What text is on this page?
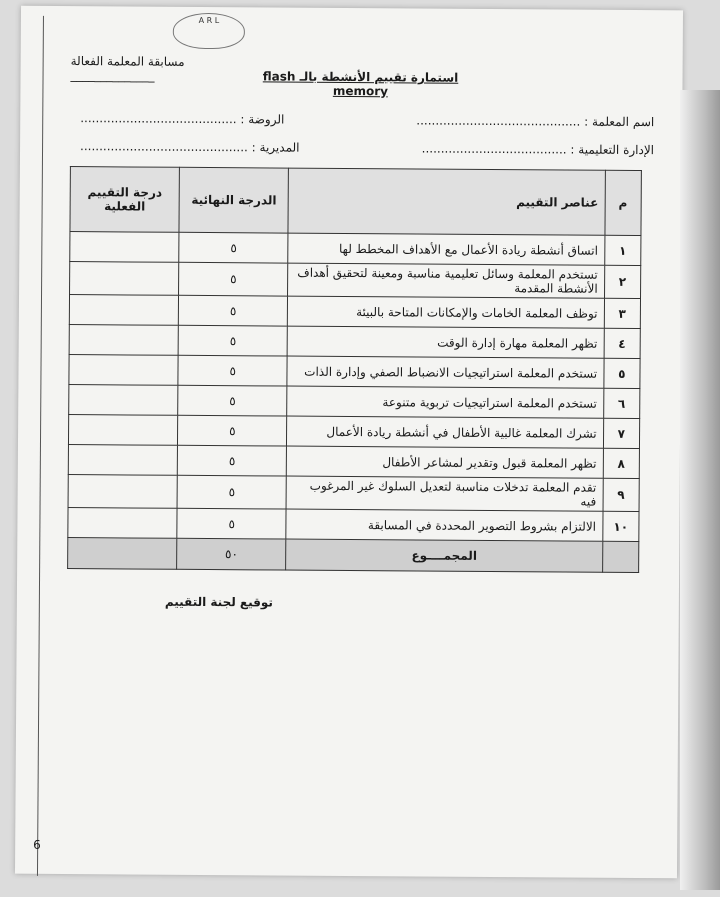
A R L
مسابقة المعلمة الفعالة ______________	استمارة تقييم الأنشطة بالـ flash memory
اسم المعلمة : ...........................................
الروضة : .........................................
الإدارة التعليمية : ......................................
المديرية : ............................................
م	عناصر التقييم	الدرجة النهائية	درجة التقييم الفعلية
١	اتساق أنشطة ريادة الأعمال مع الأهداف المخطط لها	٥	
٢	تستخدم المعلمة وسائل تعليمية مناسبة ومعينة لتحقيق أهداف الأنشطة المقدمة	٥	
٣	توظف المعلمة الخامات والإمكانات المتاحة بالبيئة	٥	
٤	تظهر المعلمة مهارة إدارة الوقت	٥	
٥	تستخدم المعلمة استراتيجيات الانضباط الصفي وإدارة الذات	٥	
٦	تستخدم المعلمة استراتيجيات تربوية متنوعة	٥	
٧	تشرك المعلمة غالبية الأطفال في أنشطة ريادة الأعمال	٥	
٨	تظهر المعلمة قبول وتقدير لمشاعر الأطفال	٥	
٩	تقدم المعلمة تدخلات مناسبة لتعديل السلوك غير المرغوب فيه	٥	
١٠	الالتزام بشروط التصوير المحددة في المسابقة	٥	
	المجمــــوع	٥٠	
توقيع لجنة التقييم
6
